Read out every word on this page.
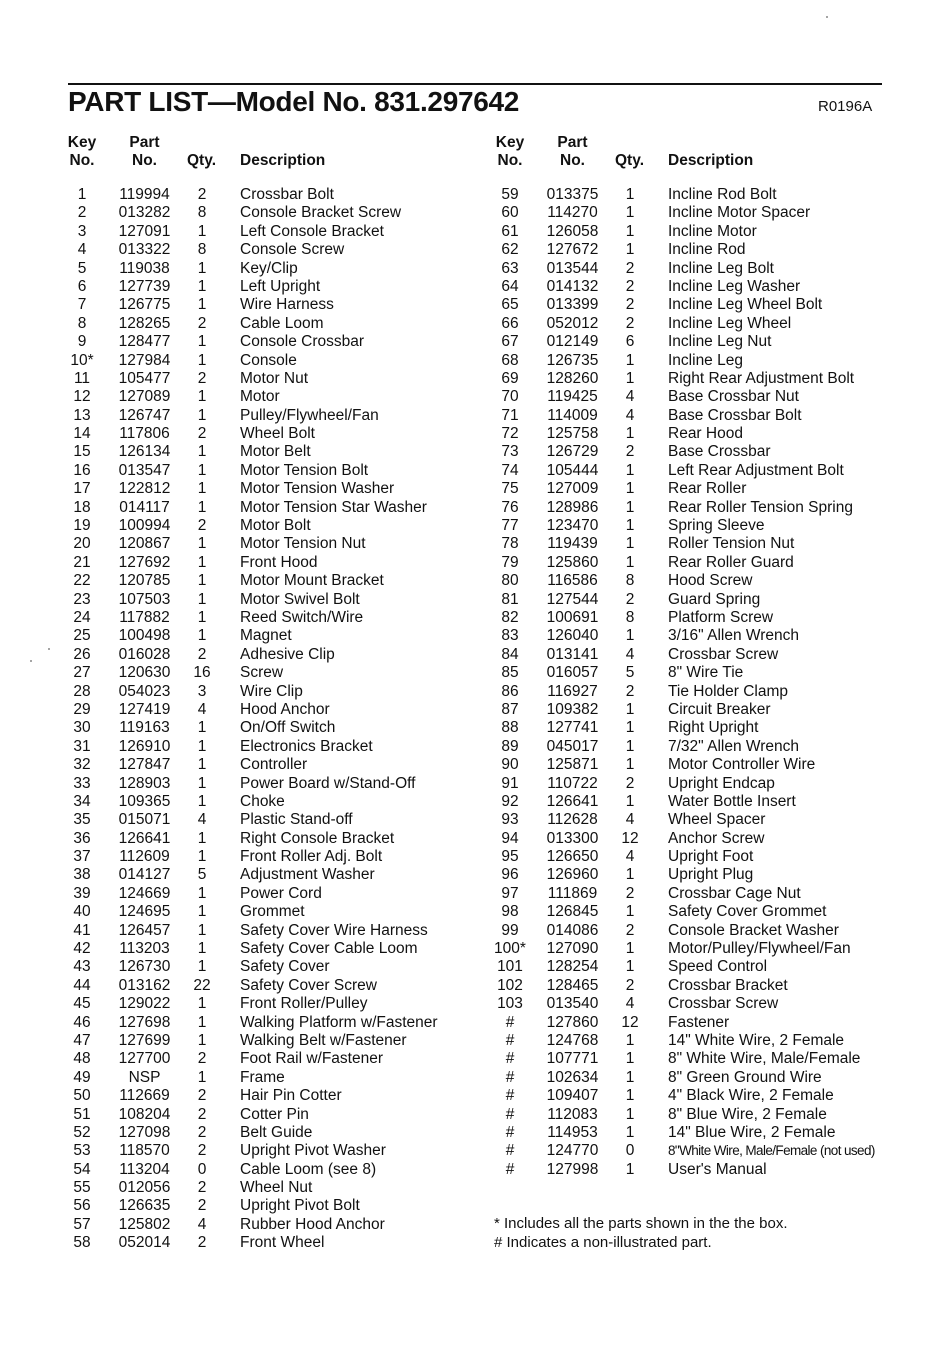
PART LIST—Model No. 831.297642	R0196A
Key
No.
Part
No.	Qty.	Description
1	119994	2	Crossbar Bolt
2	013282	8	Console Bracket Screw
3	127091	1	Left Console Bracket
4	013322	8	Console Screw
5	119038	1	Key/Clip
6	127739	1	Left Upright
7	126775	1	Wire Harness
8	128265	2	Cable Loom
9	128477	1	Console Crossbar
10*	127984	1	Console
11	105477	2	Motor Nut
12	127089	1	Motor
13	126747	1	Pulley/Flywheel/Fan
14	117806	2	Wheel Bolt
15	126134	1	Motor Belt
16	013547	1	Motor Tension Bolt
17	122812	1	Motor Tension Washer
18	014117	1	Motor Tension Star Washer
19	100994	2	Motor Bolt
20	120867	1	Motor Tension Nut
21	127692	1	Front Hood
22	120785	1	Motor Mount Bracket
23	107503	1	Motor Swivel Bolt
24	117882	1	Reed Switch/Wire
25	100498	1	Magnet
26	016028	2	Adhesive Clip
27	120630	16	Screw
28	054023	3	Wire Clip
29	127419	4	Hood Anchor
30	119163	1	On/Off Switch
31	126910	1	Electronics Bracket
32	127847	1	Controller
33	128903	1	Power Board w/Stand-Off
34	109365	1	Choke
35	015071	4	Plastic Stand-off
36	126641	1	Right Console Bracket
37	112609	1	Front Roller Adj. Bolt
38	014127	5	Adjustment Washer
39	124669	1	Power Cord
40	124695	1	Grommet
41	126457	1	Safety Cover Wire Harness
42	113203	1	Safety Cover Cable Loom
43	126730	1	Safety Cover
44	013162	22	Safety Cover Screw
45	129022	1	Front Roller/Pulley
46	127698	1	Walking Platform w/Fastener
47	127699	1	Walking Belt w/Fastener
48	127700	2	Foot Rail w/Fastener
49	NSP	1	Frame
50	112669	2	Hair Pin Cotter
51	108204	2	Cotter Pin
52	127098	2	Belt Guide
53	118570	2	Upright Pivot Washer
54	113204	0	Cable Loom (see 8)
55	012056	2	Wheel Nut
56	126635	2	Upright Pivot Bolt
57	125802	4	Rubber Hood Anchor
58	052014	2	Front Wheel
Key
No.
Part
No.	Qty.	Description
59	013375	1	Incline Rod Bolt
60	114270	1	Incline Motor Spacer
61	126058	1	Incline Motor
62	127672	1	Incline Rod
63	013544	2	Incline Leg Bolt
64	014132	2	Incline Leg Washer
65	013399	2	Incline Leg Wheel Bolt
66	052012	2	Incline Leg Wheel
67	012149	6	Incline Leg Nut
68	126735	1	Incline Leg
69	128260	1	Right Rear Adjustment Bolt
70	119425	4	Base Crossbar Nut
71	114009	4	Base Crossbar Bolt
72	125758	1	Rear Hood
73	126729	2	Base Crossbar
74	105444	1	Left Rear Adjustment Bolt
75	127009	1	Rear Roller
76	128986	1	Rear Roller Tension Spring
77	123470	1	Spring Sleeve
78	119439	1	Roller Tension Nut
79	125860	1	Rear Roller Guard
80	116586	8	Hood Screw
81	127544	2	Guard Spring
82	100691	8	Platform Screw
83	126040	1	3/16" Allen Wrench
84	013141	4	Crossbar Screw
85	016057	5	8" Wire Tie
86	116927	2	Tie Holder Clamp
87	109382	1	Circuit Breaker
88	127741	1	Right Upright
89	045017	1	7/32" Allen Wrench
90	125871	1	Motor Controller Wire
91	110722	2	Upright Endcap
92	126641	1	Water Bottle Insert
93	112628	4	Wheel Spacer
94	013300	12	Anchor Screw
95	126650	4	Upright Foot
96	126960	1	Upright Plug
97	111869	2	Crossbar Cage Nut
98	126845	1	Safety Cover Grommet
99	014086	2	Console Bracket Washer
100*	127090	1	Motor/Pulley/Flywheel/Fan
101	128254	1	Speed Control
102	128465	2	Crossbar Bracket
103	013540	4	Crossbar Screw
#	127860	12	Fastener
#	124768	1	14" White Wire, 2 Female
#	107771	1	8" White Wire, Male/Female
#	102634	1	8" Green Ground Wire
#	109407	1	4" Black Wire, 2 Female
#	112083	1	8" Blue Wire, 2 Female
#	114953	1	14" Blue Wire, 2 Female
#	124770	0	8"White Wire, Male/Female (not used)
#	127998	1	User's Manual
* Includes all the parts shown in the the box.
# Indicates a non-illustrated part.
